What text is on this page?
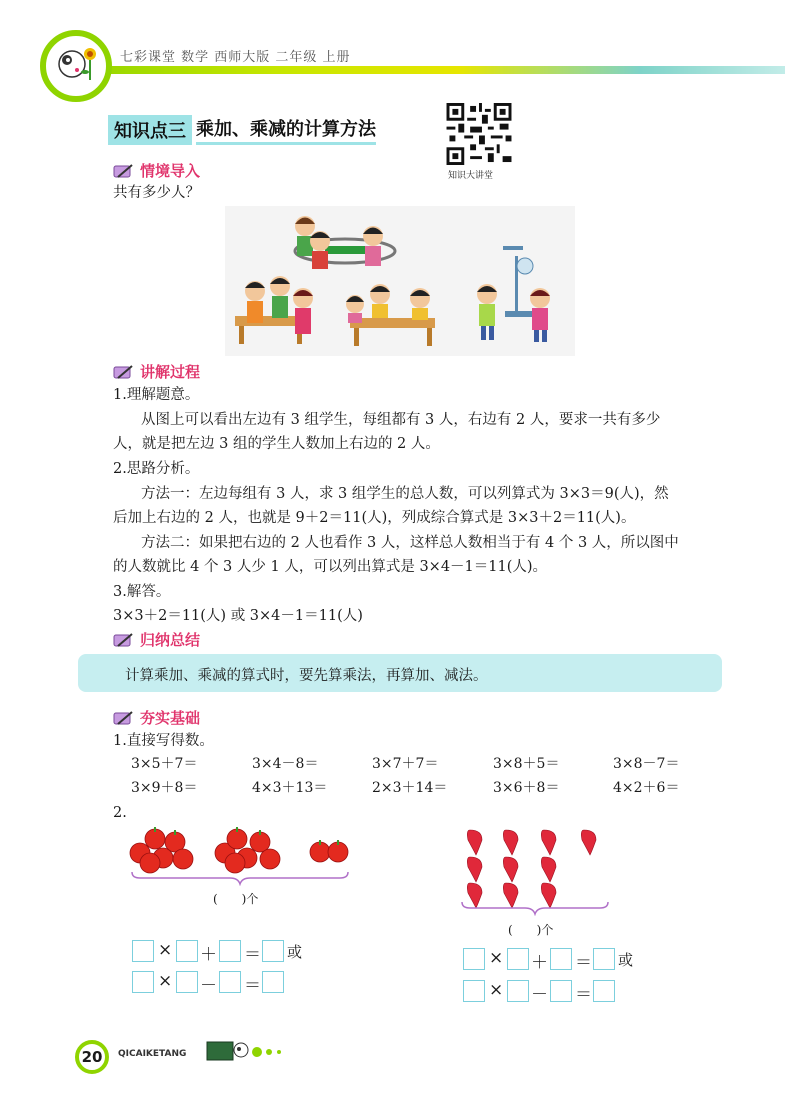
七彩课堂 数学 西师大版 二年级 上册
知识点三 乘加、乘减的计算方法
知识大讲堂
情境导入
共有多少人？
讲解过程
1.理解题意。
从图上可以看出左边有 3 组学生，每组都有 3 人，右边有 2 人，要求一共有多少
人，就是把左边 3 组的学生人数加上右边的 2 人。
2.思路分析。
方法一：左边每组有 3 人，求 3 组学生的总人数，可以列算式为 3×3＝9(人)，然
后加上右边的 2 人，也就是 9＋2＝11(人)，列成综合算式是 3×3＋2＝11(人)。
方法二：如果把右边的 2 人也看作 3 人，这样总人数相当于有 4 个 3 人，所以图中
的人数就比 4 个 3 人少 1 人，可以列出算式是 3×4－1＝11(人)。
3.解答。
3×3＋2＝11(人) 或 3×4－1＝11(人)
归纳总结
计算乘加、乘减的算式时，要先算乘法，再算加、减法。
夯实基础
1.直接写得数。
3×5＋7＝	3×4－8＝	3×7＋7＝	3×8＋5＝	3×8－7＝
3×9＋8＝	4×3＋13＝	2×3＋14＝	3×6＋8＝	4×2＋6＝
2.
(　　)个
(　　)个
× ＋ ＝ 或
× － ＝
× ＋ ＝ 或
× － ＝
20	QICAIKETANG
